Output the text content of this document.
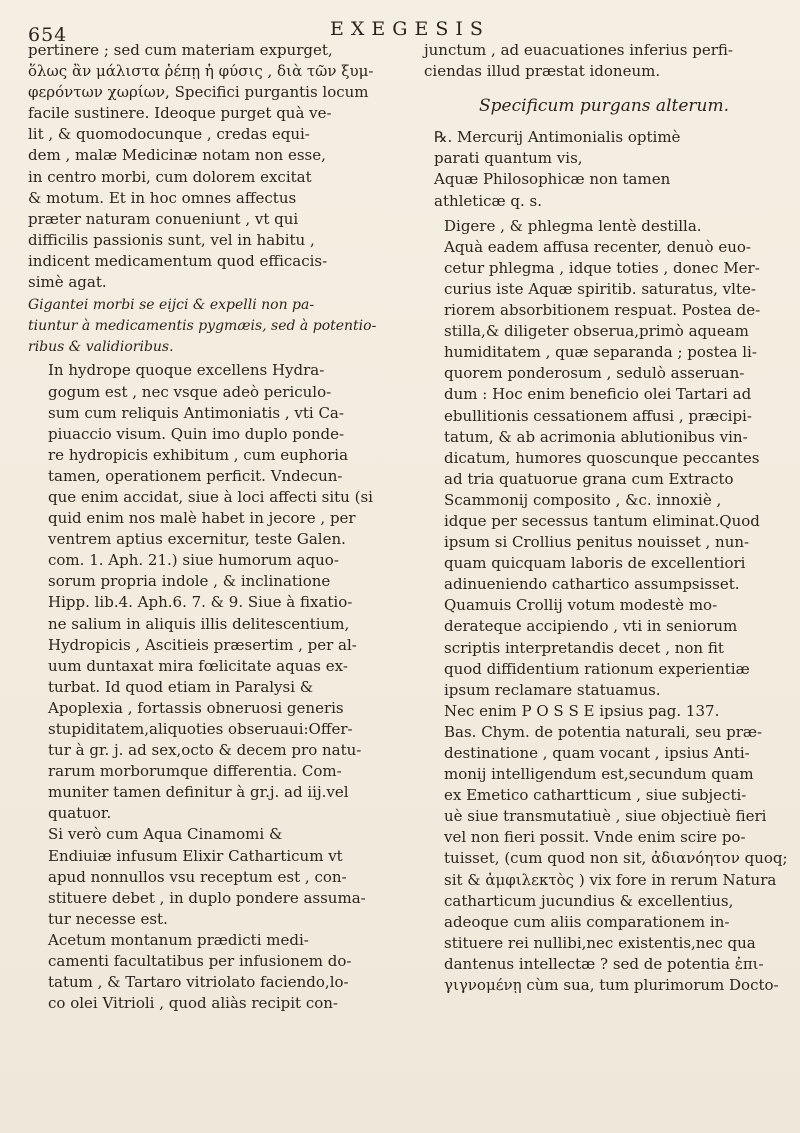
654	EXEGESIS

pertinere ; sed cum materiam expurget,
ὅλως ἂν μάλιστα ῥέπῃ ἡ φύσις , διὰ τῶν ξυμ-
φερόντων χωρίων, Specifici purgantis locum
facile sustinere. Ideoque purget quà ve-
lit , & quomodocunque , credas equi-
dem , malæ Medicinæ notam non esse,
in centro morbi, cum dolorem excitat
& motum. Et in hoc omnes affectus
præter naturam conueniunt , vt qui
difficilis passionis sunt, vel in habitu ,
indicent medicamentum quod efficacis-
simè agat.

Gigantei morbi se eijci & expelli non pa-
tiuntur à medicamentis pygmæis, sed à potentio-
ribus & validioribus.

In hydrope quoque excellens Hydra-
gogum est , nec vsque adeò periculo-
sum cum reliquis Antimoniatis , vti Ca-
piuaccio visum. Quin imo duplo ponde-
re hydropicis exhibitum , cum euphoria
tamen, operationem perficit. Vndecun-
que enim accidat, siue à loci affecti situ (si
quid enim nos malè habet in jecore , per
ventrem aptius excernitur, teste Galen.
com. 1. Aph. 21.) siue humorum aquo-
sorum propria indole , & inclinatione
Hipp. lib.4. Aph.6. 7. & 9. Siue à fixatio-
ne salium in aliquis illis delitescentium,
Hydropicis , Ascitieis præsertim , per al-
uum duntaxat mira fœlicitate aquas ex-
turbat. Id quod etiam in Paralysi &
Apoplexia , fortassis obneruosi generis
stupiditatem,aliquoties obseruaui:Offer-
tur à gr. j. ad sex,octo & decem pro natu-
rarum morborumque differentia. Com-
muniter tamen definitur à gr.j. ad iij.vel
quatuor.

Si verò cum Aqua Cinamomi &
Endiuiæ infusum Elixir Catharticum vt
apud nonnullos vsu receptum est , con-
stituere debet , in duplo pondere assuma-
tur necesse est.

Acetum montanum prædicti medi-
camenti facultatibus per infusionem do-
tatum , & Tartaro vitriolato faciendo,lo-
co olei Vitrioli , quod aliàs recipit con-

junctum , ad euacuationes inferius perfi-
ciendas illud præstat idoneum.

Specificum purgans alterum.

℞. Mercurij Antimonialis optimè
parati quantum vis,
Aquæ Philosophicæ non tamen
athleticæ q. s.

Digere , & phlegma lentè destilla.
Aquà eadem affusa recenter, denuò euo-
cetur phlegma , idque toties , donec Mer-
curius iste Aquæ spiritib. saturatus, vlte-
riorem absorbitionem respuat. Postea de-
stilla,& diligeter obserua,primò aqueam
humiditatem , quæ separanda ; postea li-
quorem ponderosum , sedulò asseruan-
dum : Hoc enim beneficio olei Tartari ad
ebullitionis cessationem affusi , præcipi-
tatum, & ab acrimonia ablutionibus vin-
dicatum, humores quoscunque peccantes
ad tria quatuorue grana cum Extracto
Scammonij composito , &c. innoxiè ,
idque per secessus tantum eliminat.Quod
ipsum si Crollius penitus nouisset , nun-
quam quicquam laboris de excellentiori
adinueniendo cathartico assumpsisset.
Quamuis Crollij votum modestè mo-
derateque accipiendo , vti in seniorum
scriptis interpretandis decet , non fit
quod diffidentium rationum experientiæ
ipsum reclamare statuamus.

Nec enim P O S S E ipsius pag. 137.
Bas. Chym. de potentia naturali, seu præ-
destinatione , quam vocant , ipsius Anti-
monij intelligendum est,secundum quam
ex Emetico cathartticum , siue subjecti-
uè siue transmutatiuè , siue objectiuè fieri
vel non fieri possit. Vnde enim scire po-
tuisset, (cum quod non sit, ἀδιανόητον quoq;
sit & ἀμφιλεκτὸς ) vix fore in rerum Natura
catharticum jucundius & excellentius,
adeoque cum aliis comparationem in-
stituere rei nullibi,nec existentis,nec qua
dantenus intellectæ ? sed de potentia ἐπι-
γιγνομένῃ cùm sua, tum plurimorum Docto-
